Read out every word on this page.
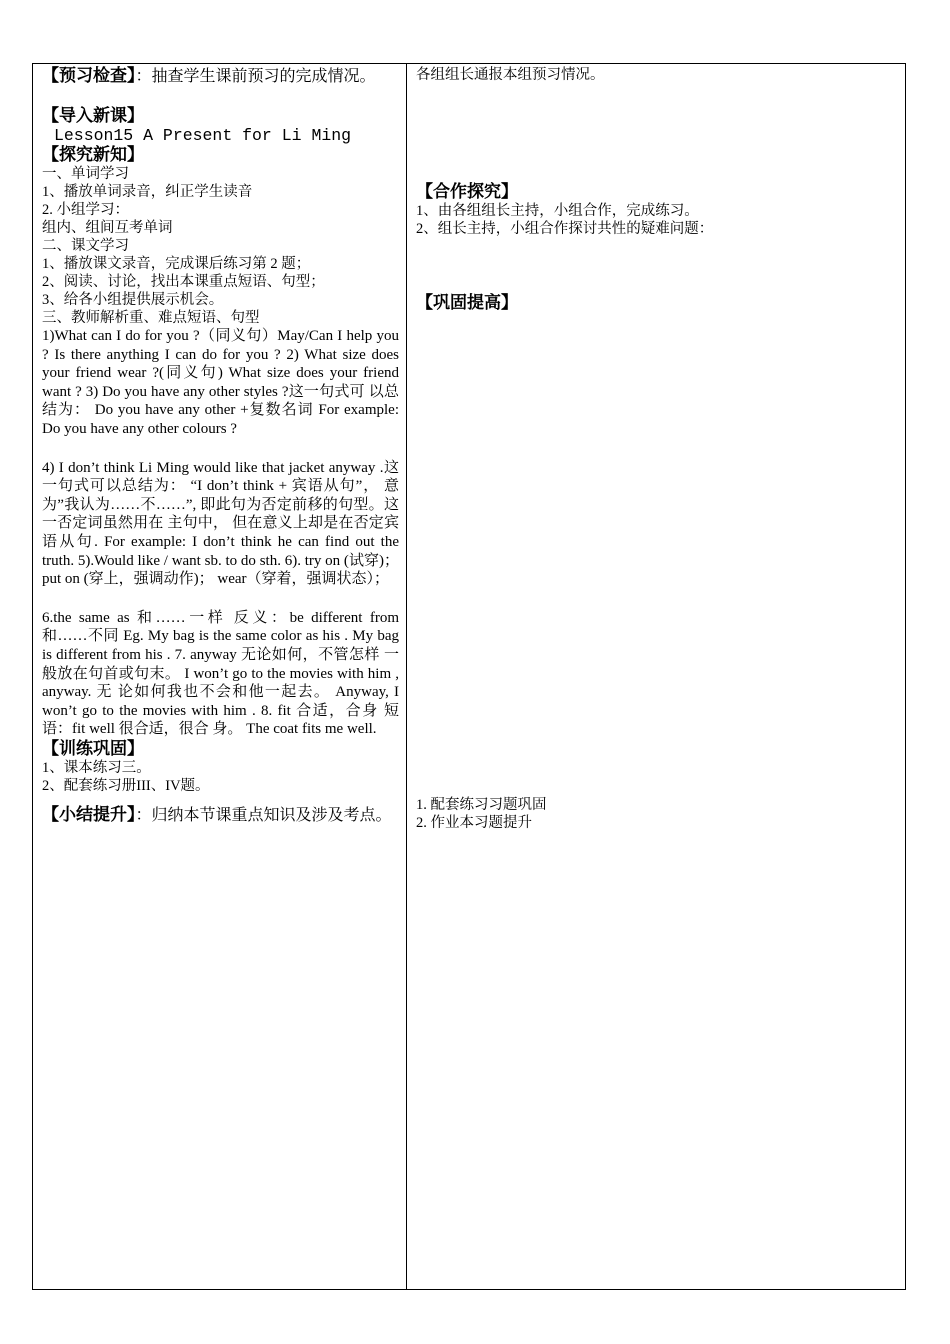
【预习检查】：抽查学生课前预习的完成情况。
【导入新课】
Lesson15 A Present for Li Ming
【探究新知】
一、单词学习
1、播放单词录音，纠正学生读音
2. 小组学习：
组内、组间互考单词
二、课文学习
1、播放课文录音，完成课后练习第 2 题；
2、阅读、讨论，找出本课重点短语、句型；
3、给各小组提供展示机会。
三、教师解析重、难点短语、句型
1)What can I do for you ?（同义句）May/Can I help you ? Is there anything I can do for you ? 2) What size does your friend wear ?(同义句) What size does your friend want ? 3) Do you have any other styles ?这一句式可 以总结为： Do you have any other +复数名词 For example: Do you have any other colours ?
4) I don’t think Li Ming would like that jacket anyway .这一句式可以总结为： “I don’t think + 宾语从句”， 意为”我认为……不……”, 即此句为否定前移的句型。这一否定词虽然用在 主句中， 但在意义上却是在否定宾语从句. For example: I don’t think he can find out the truth. 5).Would like / want sb. to do sth. 6). try on (试穿)； put on (穿上，强调动作)； wear（穿着，强调状态）；
6.the same as 和……一样 反义：be different from 和……不同 Eg. My bag is the same color as his . My bag is different from his . 7. anyway 无论如何，不管怎样 一般放在句首或句末。 I won’t go to the movies with him , anyway. 无 论如何我也不会和他一起去。 Anyway, I won’t go to the movies with him . 8. fit 合适，合身 短语：fit well 很合适，很合 身。 The coat fits me well.
【训练巩固】
1、课本练习三。
2、配套练习册III、IV题。
【小结提升】：归纳本节课重点知识及涉及考点。
各组组长通报本组预习情况。
【合作探究】
1、由各组组长主持，小组合作，完成练习。
2、组长主持，小组合作探讨共性的疑难问题：
【巩固提高】
1. 配套练习习题巩固
2. 作业本习题提升
